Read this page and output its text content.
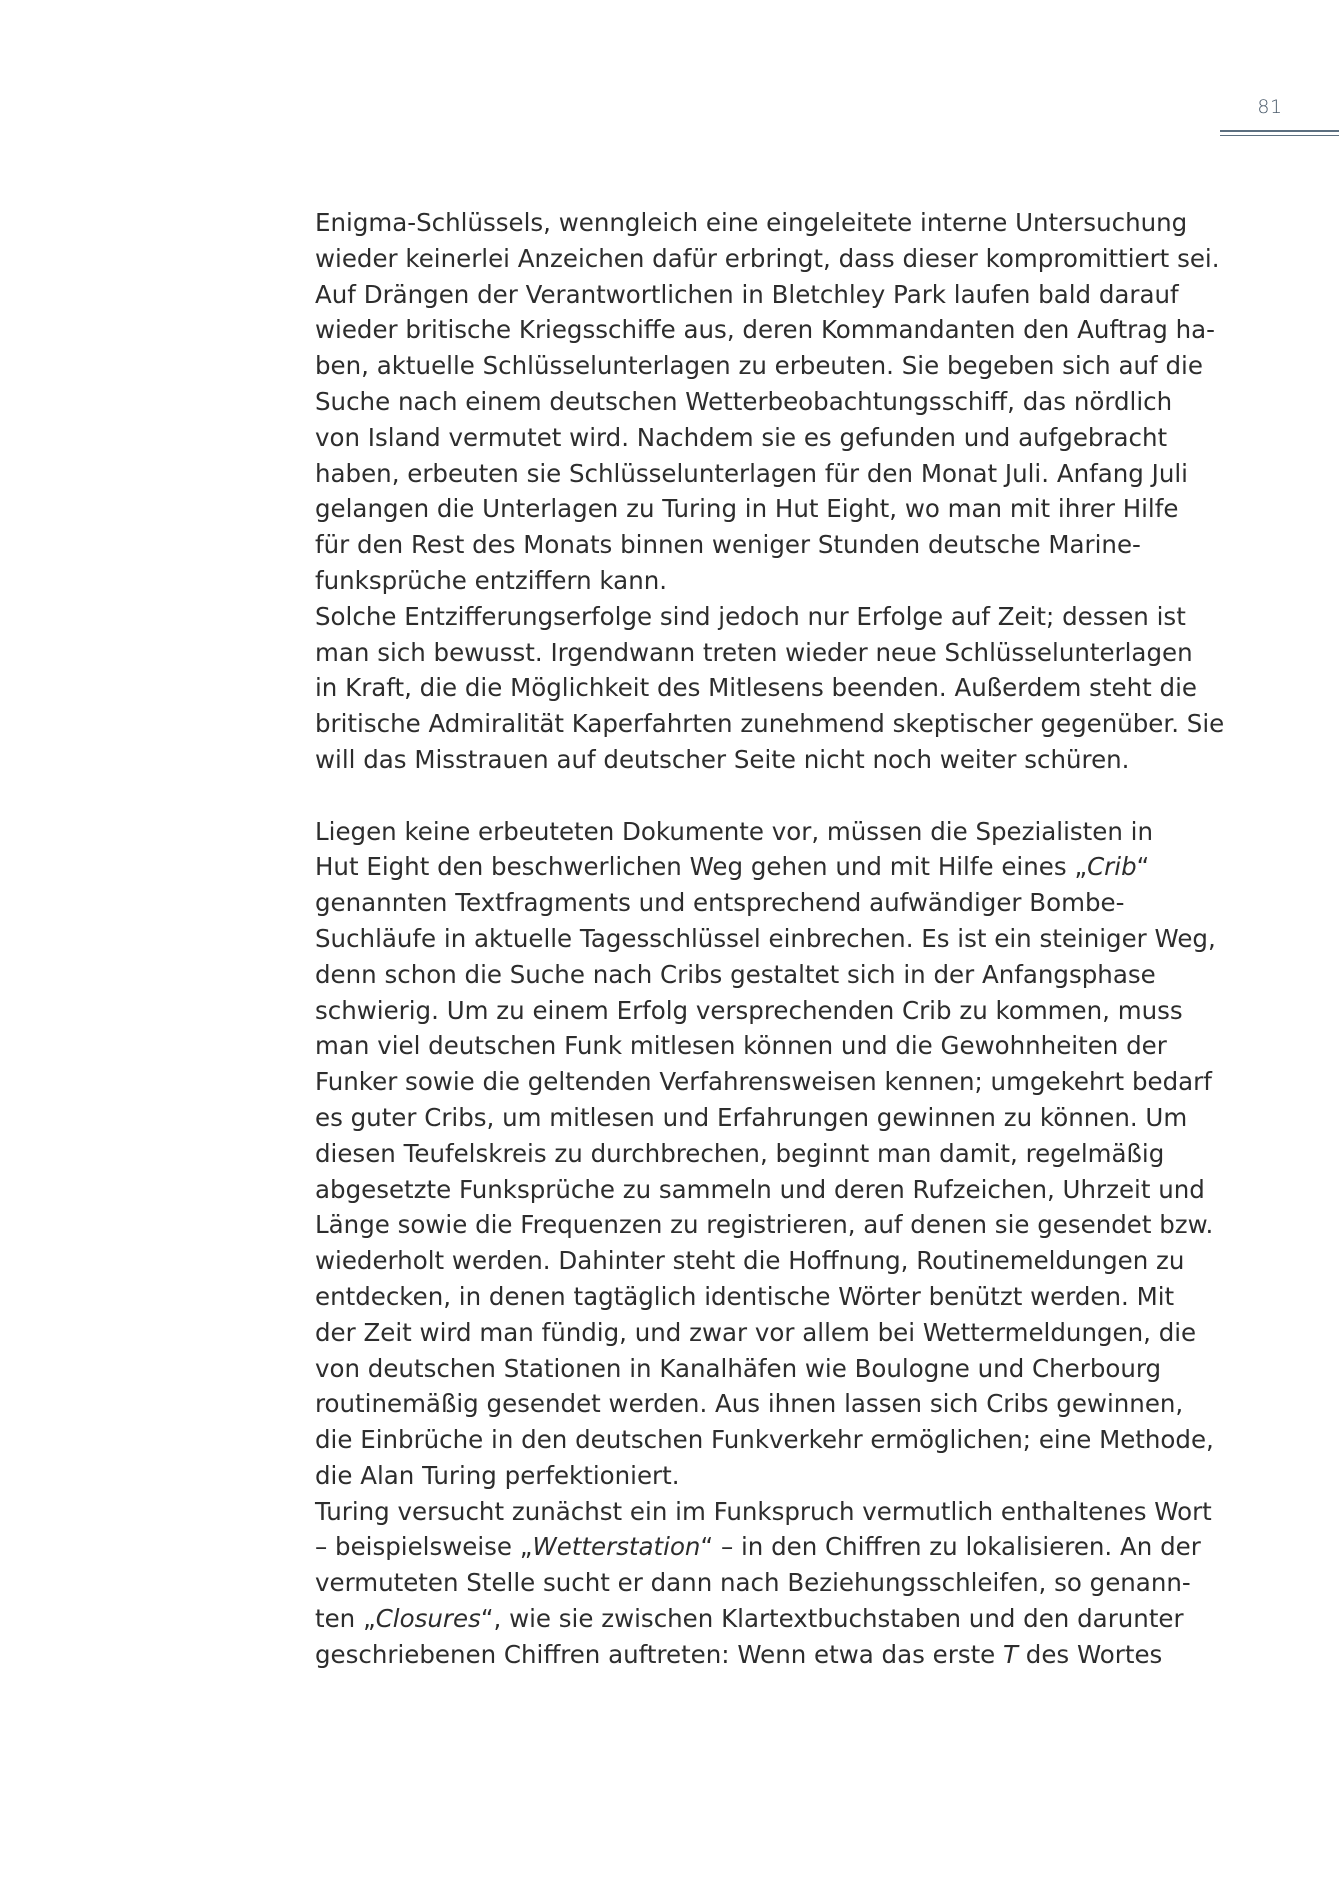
81
Enigma-Schlüssels, wenngleich eine eingeleitete interne Untersuchung
wieder keinerlei Anzeichen dafür erbringt, dass dieser kompromittiert sei.
Auf Drängen der Verantwortlichen in Bletchley Park laufen bald darauf
wieder britische Kriegsschiffe aus, deren Kommandanten den Auftrag ha-
ben, aktuelle Schlüsselunterlagen zu erbeuten. Sie begeben sich auf die
Suche nach einem deutschen Wetterbeobachtungsschiff, das nördlich
von Island vermutet wird. Nachdem sie es gefunden und aufgebracht
haben, erbeuten sie Schlüsselunterlagen für den Monat Juli. Anfang Juli
gelangen die Unterlagen zu Turing in Hut Eight, wo man mit ihrer Hilfe
für den Rest des Monats binnen weniger Stunden deutsche Marine-
funksprüche entziffern kann.
Solche Entzifferungserfolge sind jedoch nur Erfolge auf Zeit; dessen ist
man sich bewusst. Irgendwann treten wieder neue Schlüsselunterlagen
in Kraft, die die Möglichkeit des Mitlesens beenden. Außerdem steht die
britische Admiralität Kaperfahrten zunehmend skeptischer gegenüber. Sie
will das Misstrauen auf deutscher Seite nicht noch weiter schüren.
Liegen keine erbeuteten Dokumente vor, müssen die Spezialisten in
Hut Eight den beschwerlichen Weg gehen und mit Hilfe eines „Crib“
genannten Textfragments und entsprechend aufwändiger Bombe-
Suchläufe in aktuelle Tagesschlüssel einbrechen. Es ist ein steiniger Weg,
denn schon die Suche nach Cribs gestaltet sich in der Anfangsphase
schwierig. Um zu einem Erfolg versprechenden Crib zu kommen, muss
man viel deutschen Funk mitlesen können und die Gewohnheiten der
Funker sowie die geltenden Verfahrensweisen kennen; umgekehrt bedarf
es guter Cribs, um mitlesen und Erfahrungen gewinnen zu können. Um
diesen Teufelskreis zu durchbrechen, beginnt man damit, regelmäßig
abgesetzte Funksprüche zu sammeln und deren Rufzeichen, Uhrzeit und
Länge sowie die Frequenzen zu registrieren, auf denen sie gesendet bzw.
wiederholt werden. Dahinter steht die Hoffnung, Routinemeldungen zu
entdecken, in denen tagtäglich identische Wörter benützt werden. Mit
der Zeit wird man fündig, und zwar vor allem bei Wettermeldungen, die
von deutschen Stationen in Kanalhäfen wie Boulogne und Cherbourg
routinemäßig gesendet werden. Aus ihnen lassen sich Cribs gewinnen,
die Einbrüche in den deutschen Funkverkehr ermöglichen; eine Methode,
die Alan Turing perfektioniert.
Turing versucht zunächst ein im Funkspruch vermutlich enthaltenes Wort
– beispielsweise „Wetterstation“ – in den Chiffren zu lokalisieren. An der
vermuteten Stelle sucht er dann nach Beziehungsschleifen, so genann-
ten „Closures“, wie sie zwischen Klartextbuchstaben und den darunter
geschriebenen Chiffren auftreten: Wenn etwa das erste T des Wortes
